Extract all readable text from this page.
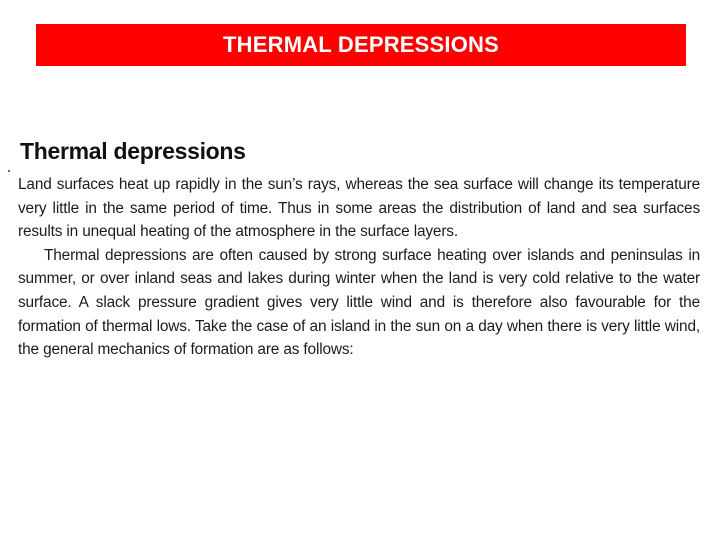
THERMAL DEPRESSIONS
Thermal depressions

Land surfaces heat up rapidly in the sun’s rays, whereas the sea surface will change its temperature very little in the same period of time. Thus in some areas the distribution of land and sea surfaces results in unequal heating of the atmosphere in the surface layers.

Thermal depressions are often caused by strong surface heating over islands and peninsulas in summer, or over inland seas and lakes during winter when the land is very cold relative to the water surface. A slack pressure gradient gives very little wind and is therefore also favourable for the formation of thermal lows. Take the case of an island in the sun on a day when there is very little wind, the general mechanics of formation are as follows:
